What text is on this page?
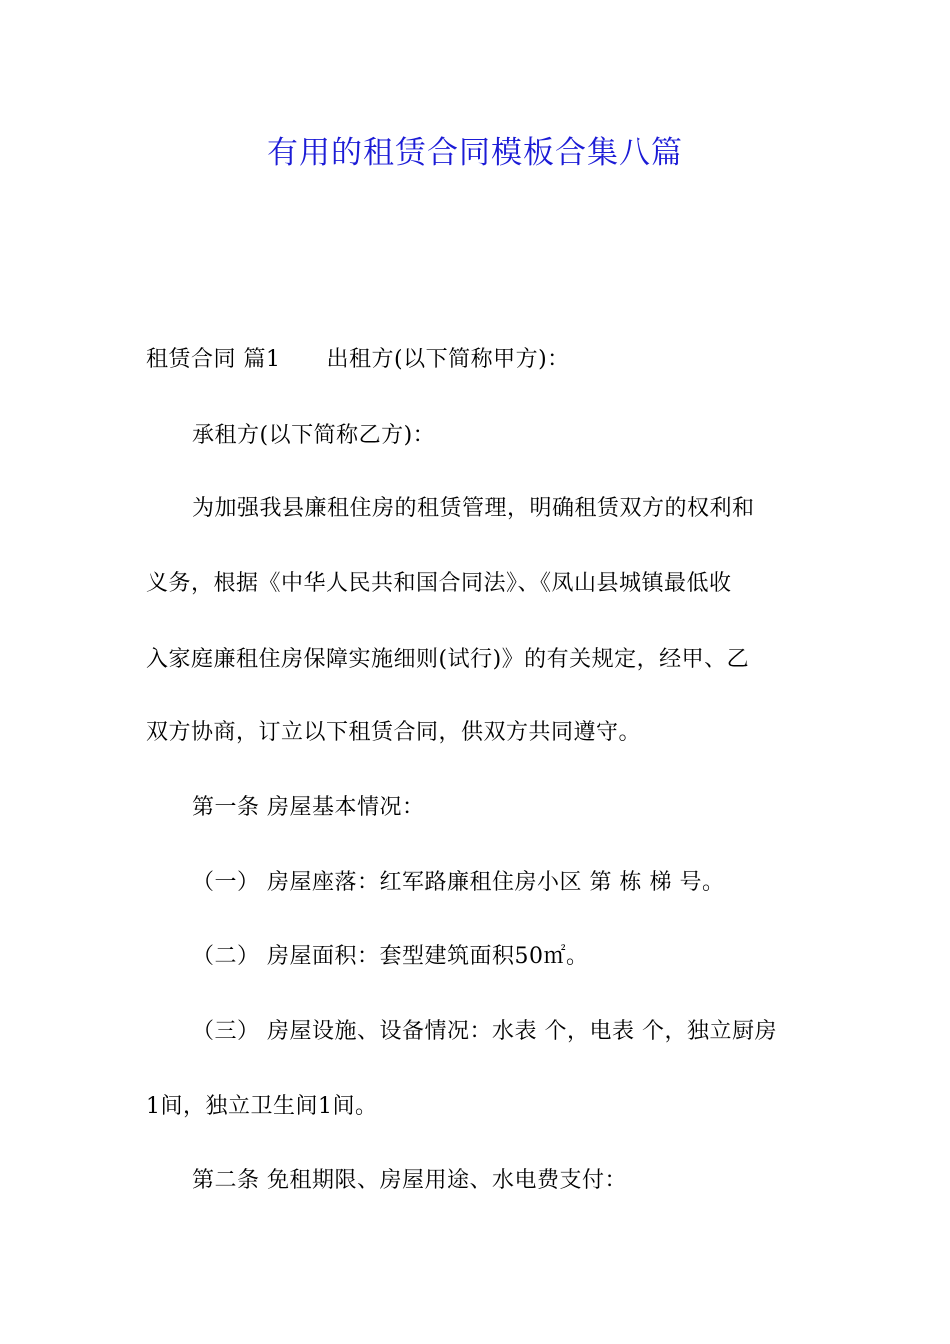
有用的租赁合同模板合集八篇
租赁合同 篇1 出租方(以下简称甲方)：
承租方(以下简称乙方)：
为加强我县廉租住房的租赁管理，明确租赁双方的权利和
义务，根据《中华人民共和国合同法》、《凤山县城镇最低收
入家庭廉租住房保障实施细则(试行)》的有关规定，经甲、乙
双方协商，订立以下租赁合同，供双方共同遵守。
第一条 房屋基本情况：
（一） 房屋座落：红军路廉租住房小区 第 栋 梯 号。
（二） 房屋面积：套型建筑面积50㎡。
（三） 房屋设施、设备情况：水表 个，电表 个，独立厨房
1间，独立卫生间1间。
第二条 免租期限、房屋用途、水电费支付：
